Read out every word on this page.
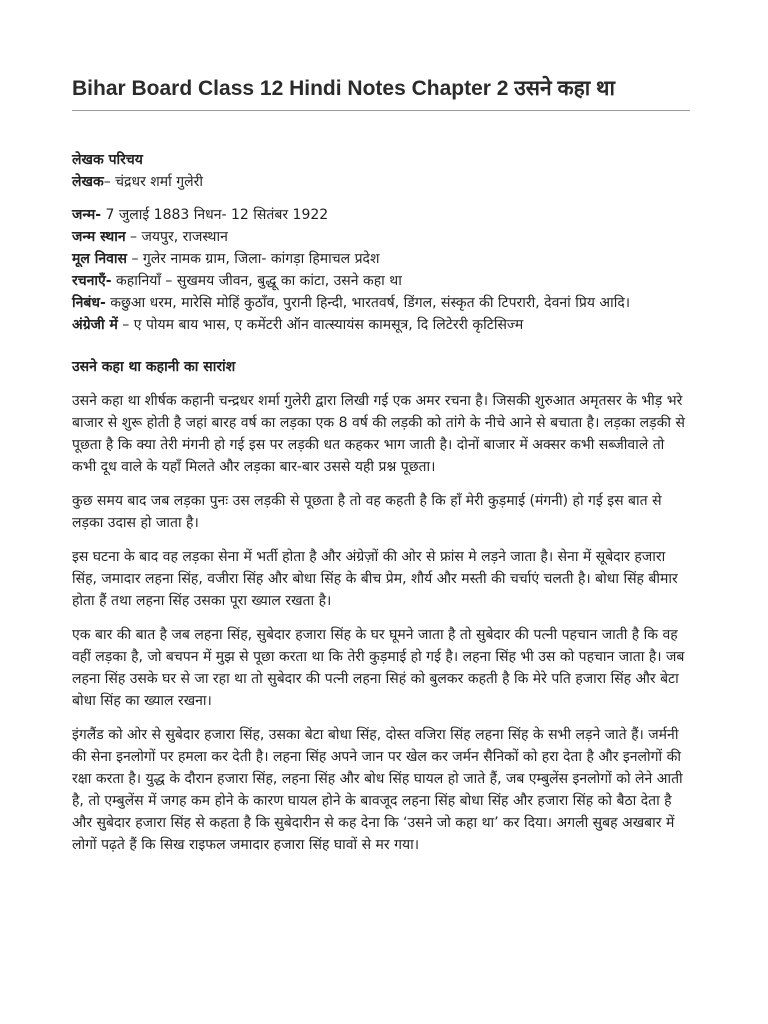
Bihar Board Class 12 Hindi Notes Chapter 2 उसने कहा था

लेखक परिचय

लेखक– चंद्रधर शर्मा गुलेरी

जन्म- 7 जुलाई 1883 निधन- 12 सितंबर 1922

जन्म स्थान – जयपुर, राजस्थान

मूल निवास – गुलेर नामक ग्राम, जिला- कांगड़ा हिमाचल प्रदेश

रचनाएँ- कहानियाँ – सुखमय जीवन, बुद्धू का कांटा, उसने कहा था

निबंध- कछुआ धरम, मारेसि मोहिं कुठाँव, पुरानी हिन्दी, भारतवर्ष, डिंगल, संस्कृत की टिपरारी, देवनां प्रिय आदि।

अंग्रेजी में – ए पोयम बाय भास, ए कमेंटरी ऑन वात्स्यायंस कामसूत्र, दि लिटेररी कृटिसिज्म

उसने कहा था कहानी का सारांश

उसने कहा था शीर्षक कहानी चन्द्रधर शर्मा गुलेरी द्वारा लिखी गई एक अमर रचना है। जिसकी शुरुआत अमृतसर के भीड़ भरे बाजार से शुरू होती है जहां बारह वर्ष का लड़का एक 8 वर्ष की लड़की को तांगे के नीचे आने से बचाता है। लड़का लड़की से पूछता है कि क्या तेरी मंगनी हो गई इस पर लड़की धत कहकर भाग जाती है। दोनों बाजार में अक्सर कभी सब्जीवाले तो कभी दूध वाले के यहाँ मिलते और लड़का बार-बार उससे यही प्रश्न पूछता।

कुछ समय बाद जब लड़का पुनः उस लड़की से पूछता है तो वह कहती है कि हाँ मेरी कुड़माई (मंगनी) हो गई इस बात से लड़का उदास हो जाता है।

इस घटना के बाद वह लड़का सेना में भर्ती होता है और अंग्रेज़ों की ओर से फ्रांस मे लड़ने जाता है। सेना में सूबेदार हजारा सिंह, जमादार लहना सिंह, वजीरा सिंह और बोधा सिंह के बीच प्रेम, शौर्य और मस्ती की चर्चाएं चलती है। बोधा सिंह बीमार होता हैं तथा लहना सिंह उसका पूरा ख्याल रखता है।

एक बार की बात है जब लहना सिंह, सुबेदार हजारा सिंह के घर घूमने जाता है तो सुबेदार की पत्नी पहचान जाती है कि वह वहीं लड़का है, जो बचपन में मुझ से पूछा करता था कि तेरी कुड़माई हो गई है। लहना सिंह भी उस को पहचान जाता है। जब लहना सिंह उसके घर से जा रहा था तो सुबेदार की पत्नी लहना सिहं को बुलकर कहती है कि मेरे पति हजारा सिंह और बेटा बोधा सिंह का ख्याल रखना।

इंगलैंड को ओर से सुबेदार हजारा सिंह, उसका बेटा बोधा सिंह, दोस्त वजिरा सिंह लहना सिंह के सभी लड़ने जाते हैं। जर्मनी की सेना इनलोगों पर हमला कर देती है। लहना सिंह अपने जान पर खेल कर जर्मन सैनिकों को हरा देता है और इनलोगों की रक्षा करता है। युद्ध के दौरान हजारा सिंह, लहना सिंह और बोध सिंह घायल हो जाते हैं, जब एम्बुलेंस इनलोगों को लेने आती है, तो एम्बुलेंस में जगह कम होने के कारण घायल होने के बावजूद लहना सिंह बोधा सिंह और हजारा सिंह को बैठा देता है और सुबेदार हजारा सिंह से कहता है कि सुबेदारीन से कह देना कि ‘उसने जो कहा था’ कर दिया। अगली सुबह अखबार में लोगों पढ़ते हैं कि सिख राइफल जमादार हजारा सिंह घावों से मर गया।
